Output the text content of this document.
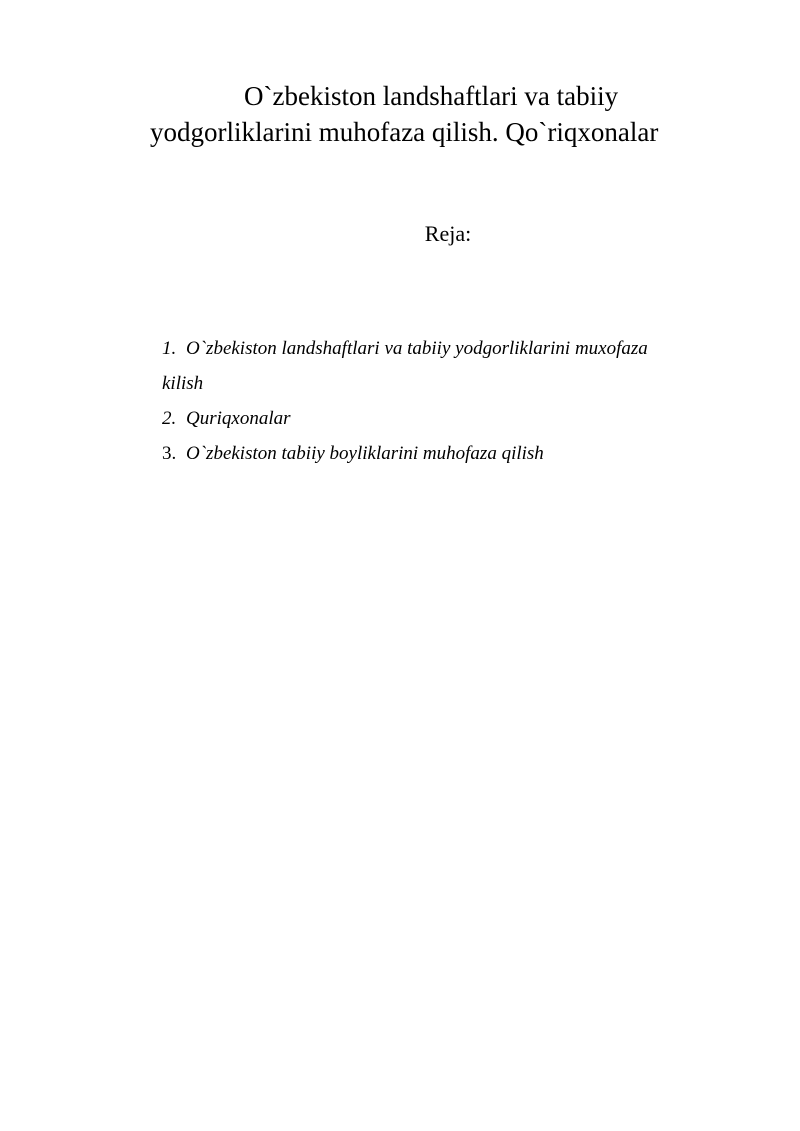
O`zbekiston landshaftlari va tabiiy
yodgorliklarini muhofaza qilish. Qo`riqxonalar
Reja:
1. O`zbekiston landshaftlari va tabiiy yodgorliklarini muxofaza
kilish
2. Quriqxonalar
3. O`zbekiston tabiiy boyliklarini muhofaza qilish
